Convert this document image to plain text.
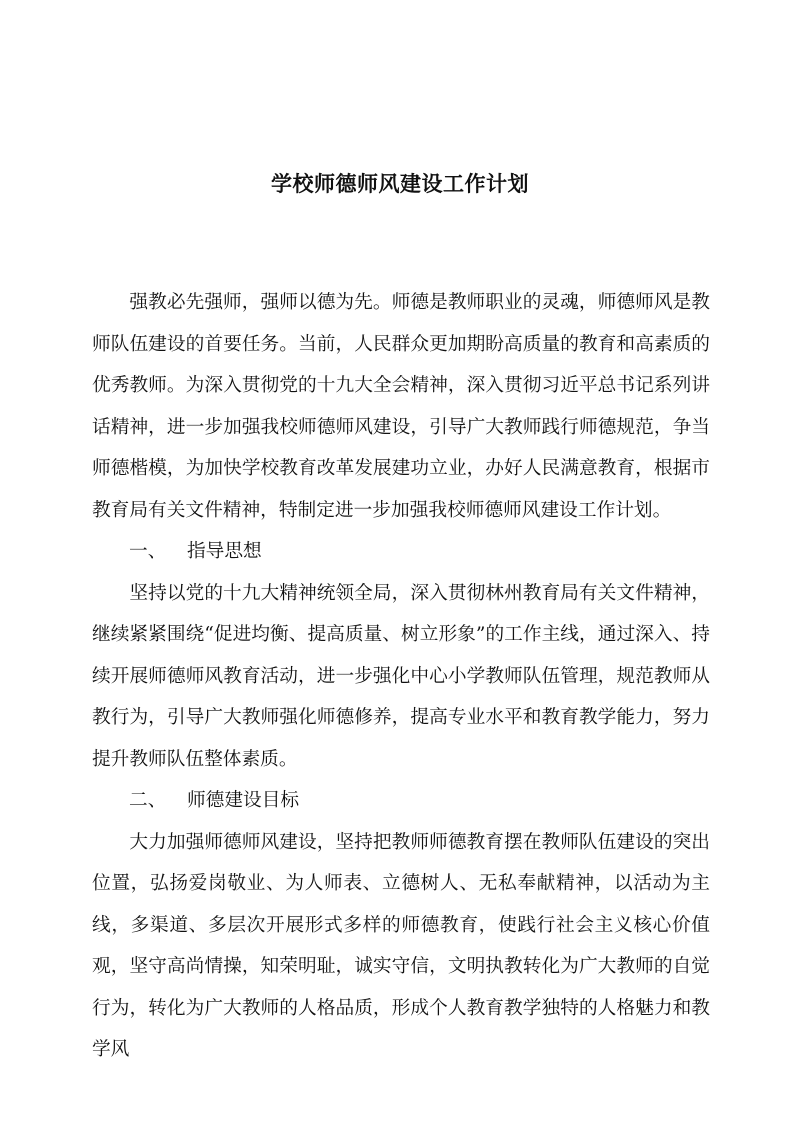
学校师德师风建设工作计划

强教必先强师，强师以德为先。师德是教师职业的灵魂，师德师风是教师队伍建设的首要任务。当前，人民群众更加期盼高质量的教育和高素质的优秀教师。为深入贯彻党的十九大全会精神，深入贯彻习近平总书记系列讲话精神，进一步加强我校师德师风建设，引导广大教师践行师德规范，争当师德楷模，为加快学校教育改革发展建功立业，办好人民满意教育，根据市教育局有关文件精神，特制定进一步加强我校师德师风建设工作计划。

一、 指导思想

坚持以党的十九大精神统领全局，深入贯彻林州教育局有关文件精神，继续紧紧围绕“促进均衡、提高质量、树立形象”的工作主线，通过深入、持续开展师德师风教育活动，进一步强化中心小学教师队伍管理，规范教师从教行为，引导广大教师强化师德修养，提高专业水平和教育教学能力，努力提升教师队伍整体素质。

二、 师德建设目标

大力加强师德师风建设，坚持把教师师德教育摆在教师队伍建设的突出位置，弘扬爱岗敬业、为人师表、立德树人、无私奉献精神，以活动为主线，多渠道、多层次开展形式多样的师德教育，使践行社会主义核心价值观，坚守高尚情操，知荣明耻，诚实守信，文明执教转化为广大教师的自觉行为，转化为广大教师的人格品质，形成个人教育教学独特的人格魅力和教学风
